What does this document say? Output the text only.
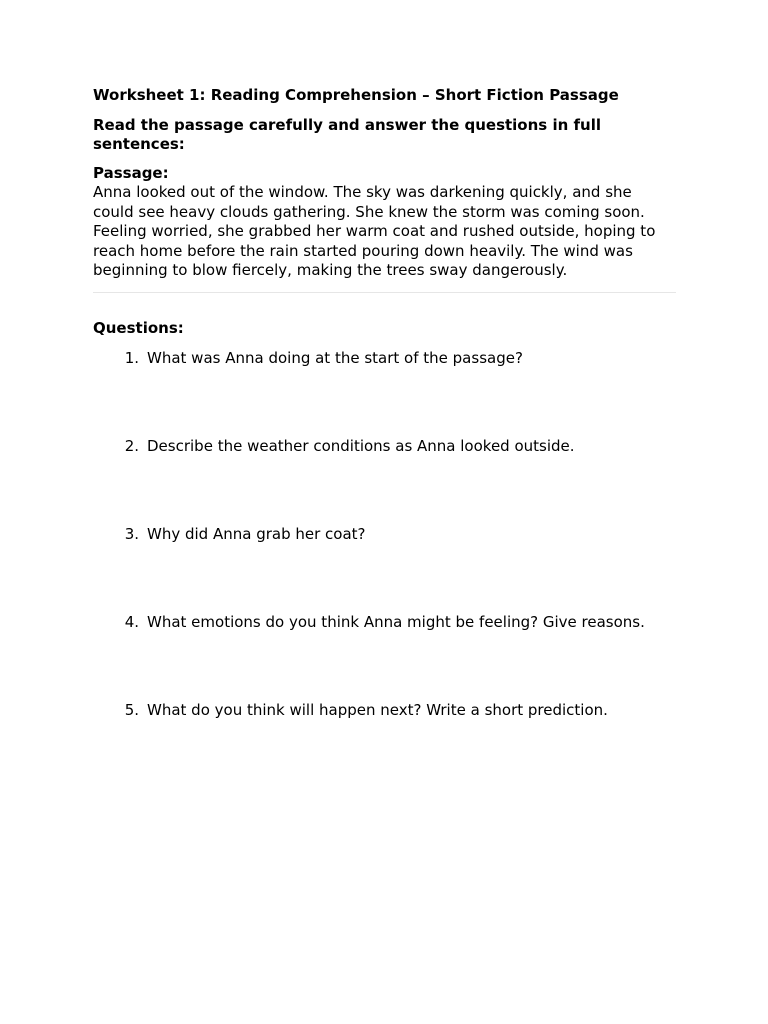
Worksheet 1: Reading Comprehension – Short Fiction Passage

Read the passage carefully and answer the questions in full sentences:

Passage:

Anna looked out of the window. The sky was darkening quickly, and she could see heavy clouds gathering. She knew the storm was coming soon. Feeling worried, she grabbed her warm coat and rushed outside, hoping to reach home before the rain started pouring down heavily. The wind was beginning to blow fiercely, making the trees sway dangerously.

Questions:

1. What was Anna doing at the start of the passage?
2. Describe the weather conditions as Anna looked outside.
3. Why did Anna grab her coat?
4. What emotions do you think Anna might be feeling? Give reasons.
5. What do you think will happen next? Write a short prediction.
